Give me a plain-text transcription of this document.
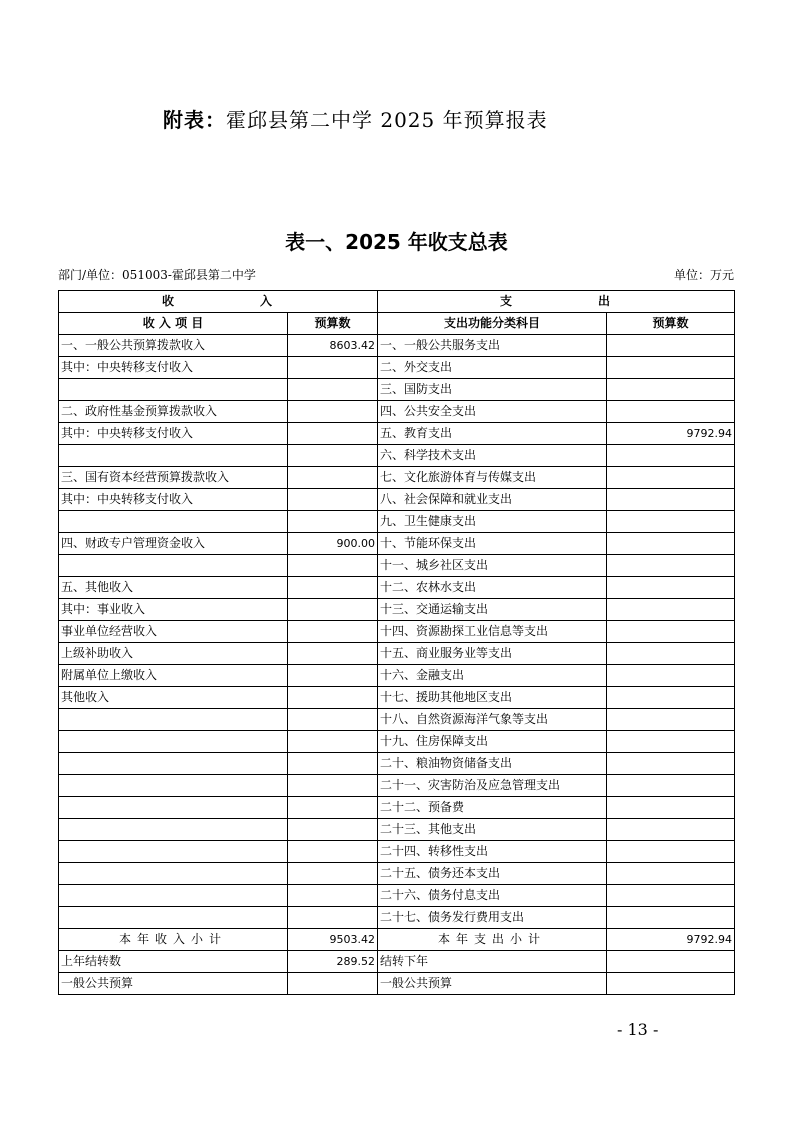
附表：霍邱县第二中学 2025 年预算报表
表一、2025 年收支总表
部门/单位：051003-霍邱县第二中学	单位：万元
收　　　　　　入		支　　　　　　出	
收 入 项 目	预算数	支出功能分类科目	预算数
一、一般公共预算拨款收入	8603.42	一、一般公共服务支出	
其中：中央转移支付收入		二、外交支出	
		三、国防支出	
二、政府性基金预算拨款收入		四、公共安全支出	
其中：中央转移支付收入		五、教育支出	9792.94
		六、科学技术支出	
三、国有资本经营预算拨款收入		七、文化旅游体育与传媒支出	
其中：中央转移支付收入		八、社会保障和就业支出	
		九、卫生健康支出	
四、财政专户管理资金收入	900.00	十、节能环保支出	
		十一、城乡社区支出	
五、其他收入		十二、农林水支出	
其中：事业收入		十三、交通运输支出	
事业单位经营收入		十四、资源勘探工业信息等支出	
上级补助收入		十五、商业服务业等支出	
附属单位上缴收入		十六、金融支出	
其他收入		十七、援助其他地区支出	
		十八、自然资源海洋气象等支出	
		十九、住房保障支出	
		二十、粮油物资储备支出	
		二十一、灾害防治及应急管理支出	
		二十二、预备费	
		二十三、其他支出	
		二十四、转移性支出	
		二十五、债务还本支出	
		二十六、债务付息支出	
		二十七、债务发行费用支出	
本年收入小计	9503.42	本年支出小计	9792.94
上年结转数	289.52	结转下年	
一般公共预算		一般公共预算	
- 13 -
